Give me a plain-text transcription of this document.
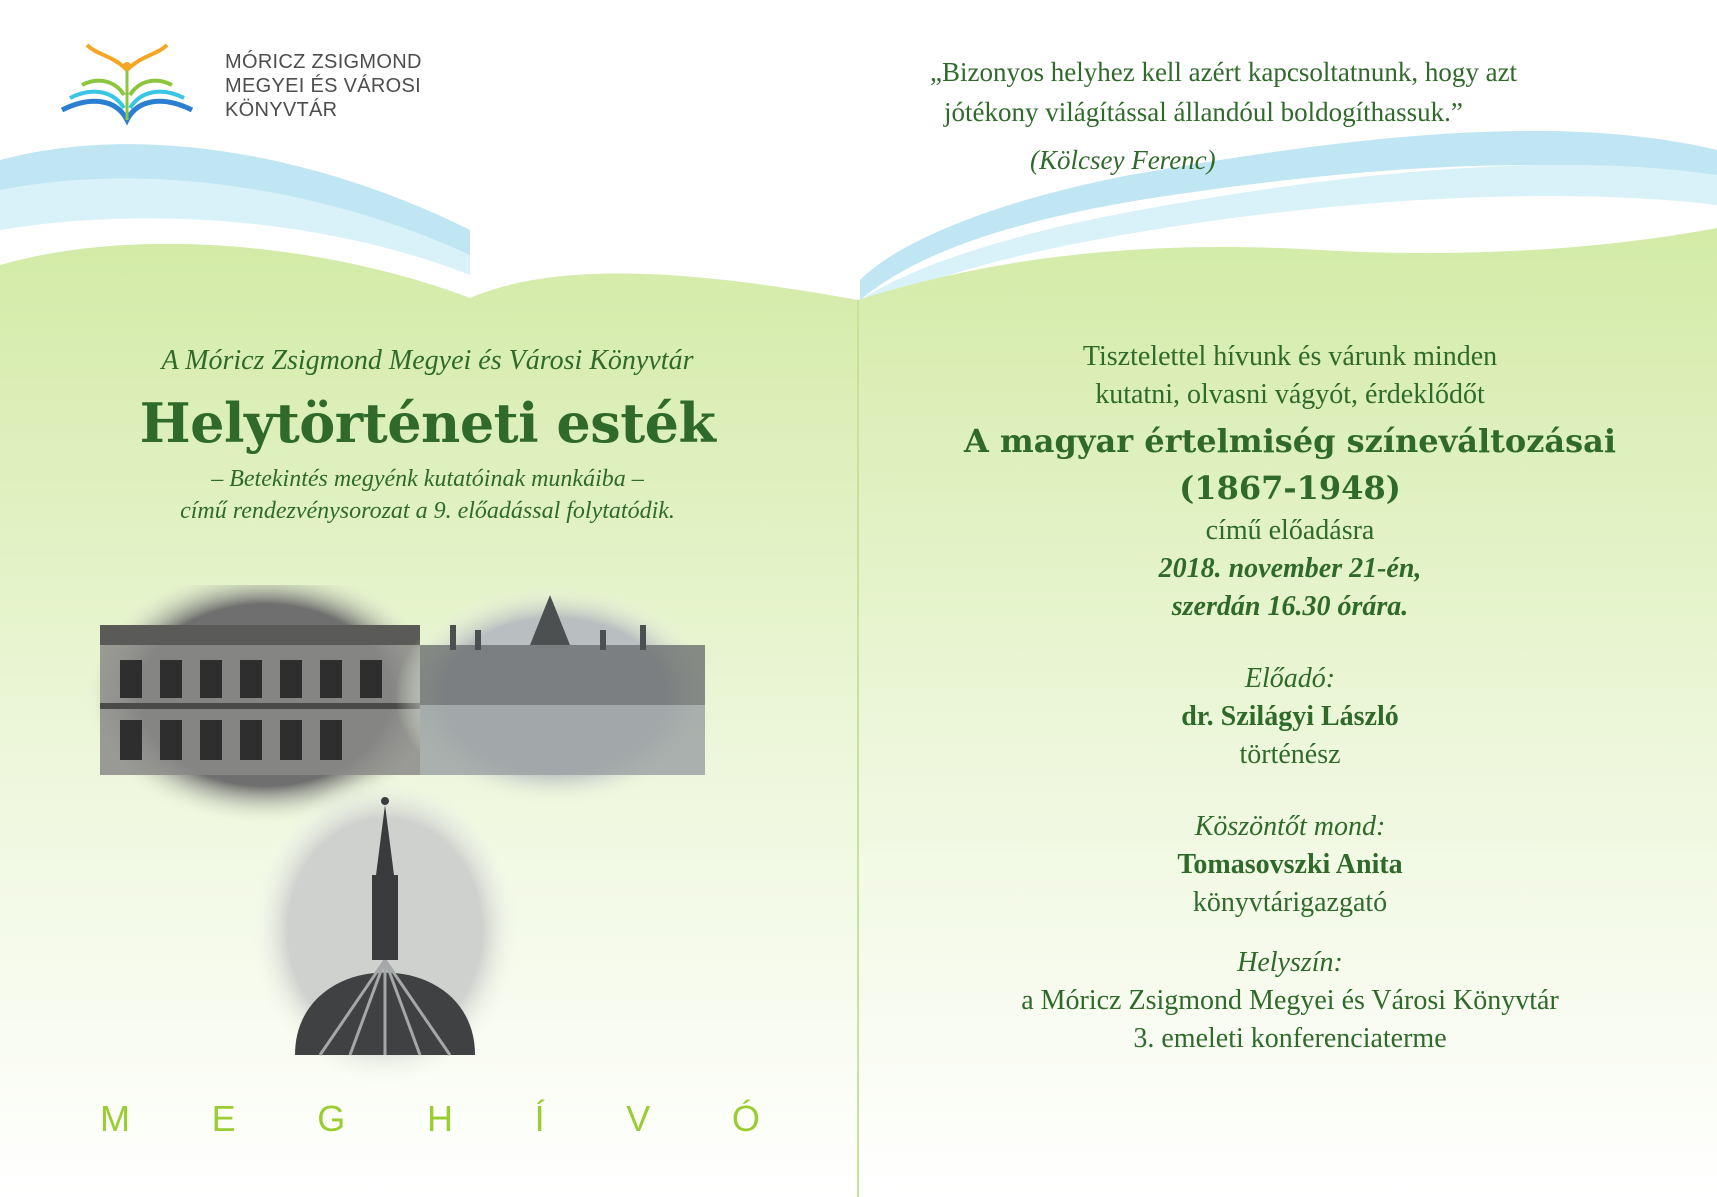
MÓRICZ ZSIGMOND
MEGYEI ÉS VÁROSI
KÖNYVTÁR
„Bizonyos helyhez kell azért kapcsoltatnunk, hogy azt
jótékony világítással állandóul boldogíthassuk.”
(Kölcsey Ferenc)
A Móricz Zsigmond Megyei és Városi Könyvtár
Helytörténeti esték
– Betekintés megyénk kutatóinak munkáiba –
című rendezvénysorozat a 9. előadással folytatódik.
M E G H Í V Ó
Tisztelettel hívunk és várunk minden
kutatni, olvasni vágyót, érdeklődőt
A magyar értelmiség színeváltozásai
(1867-1948)
című előadásra
2018. november 21-én,
szerdán 16.30 órára.
Előadó:
dr. Szilágyi László
történész
Köszöntőt mond:
Tomasovszki Anita
könyvtárigazgató
Helyszín:
a Móricz Zsigmond Megyei és Városi Könyvtár
3. emeleti konferenciaterme
